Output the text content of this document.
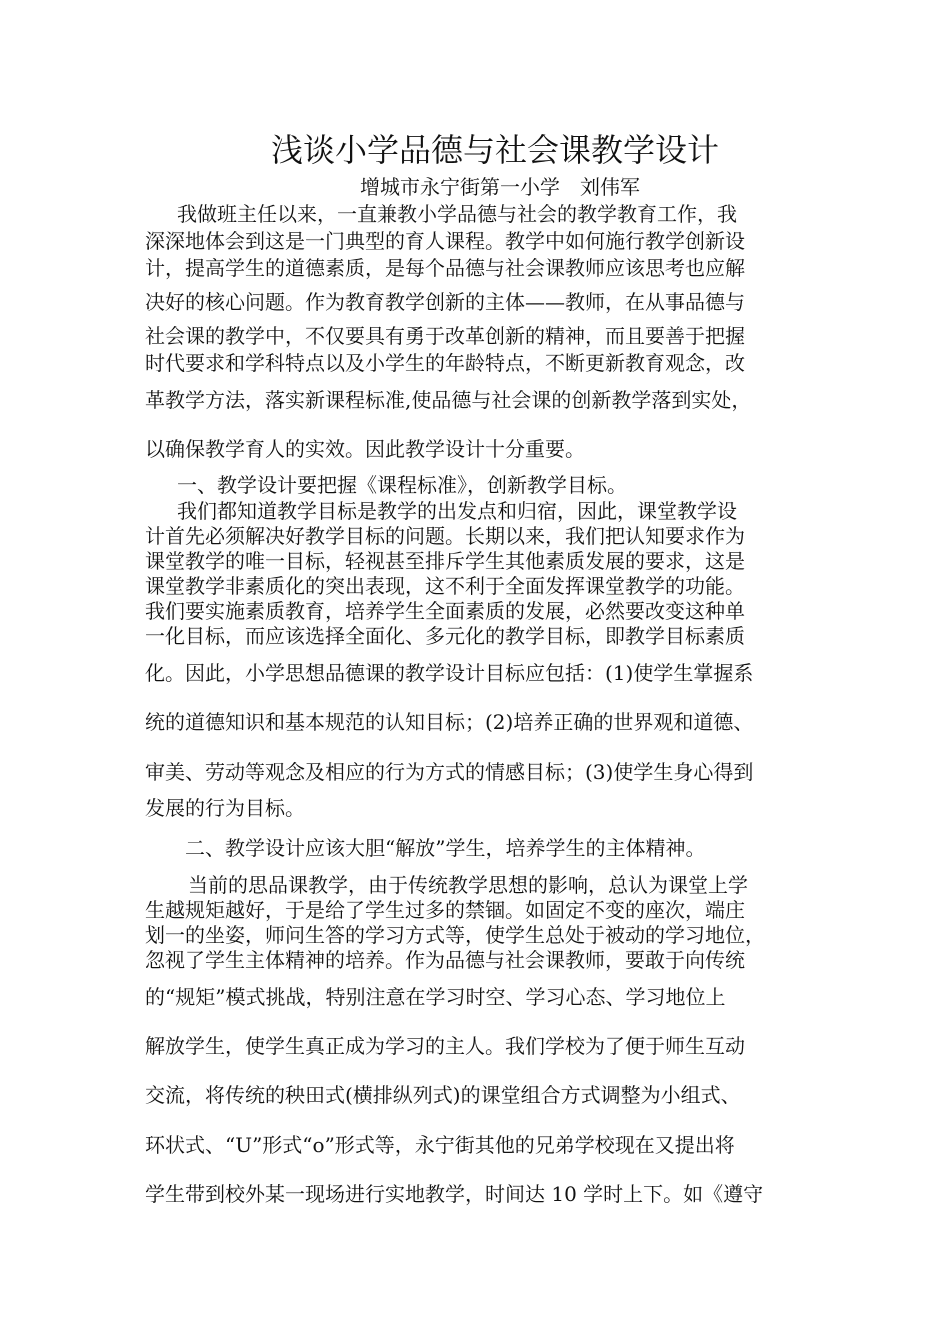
浅谈小学品德与社会课教学设计
增城市永宁街第一小学　刘伟军
我做班主任以来，一直兼教小学品德与社会的教学教育工作，我
深深地体会到这是一门典型的育人课程。教学中如何施行教学创新设
计，提高学生的道德素质，是每个品德与社会课教师应该思考也应解
决好的核心问题。作为教育教学创新的主体——教师，在从事品德与
社会课的教学中，不仅要具有勇于改革创新的精神，而且要善于把握
时代要求和学科特点以及小学生的年龄特点，不断更新教育观念，改
革教学方法，落实新课程标准,使品德与社会课的创新教学落到实处，
以确保教学育人的实效。因此教学设计十分重要。
一、教学设计要把握《课程标准》，创新教学目标。
我们都知道教学目标是教学的出发点和归宿，因此，课堂教学设
计首先必须解决好教学目标的问题。长期以来，我们把认知要求作为
课堂教学的唯一目标，轻视甚至排斥学生其他素质发展的要求，这是
课堂教学非素质化的突出表现，这不利于全面发挥课堂教学的功能。
我们要实施素质教育，培养学生全面素质的发展，必然要改变这种单
一化目标，而应该选择全面化、多元化的教学目标，即教学目标素质
化。因此，小学思想品德课的教学设计目标应包括：(1)使学生掌握系
统的道德知识和基本规范的认知目标；(2)培养正确的世界观和道德、
审美、劳动等观念及相应的行为方式的情感目标；(3)使学生身心得到
发展的行为目标。
二、教学设计应该大胆“解放”学生，培养学生的主体精神。
当前的思品课教学，由于传统教学思想的影响，总认为课堂上学
生越规矩越好，于是给了学生过多的禁锢。如固定不变的座次，端庄
划一的坐姿，师问生答的学习方式等，使学生总处于被动的学习地位，
忽视了学生主体精神的培养。作为品德与社会课教师，要敢于向传统
的“规矩”模式挑战，特别注意在学习时空、学习心态、学习地位上
解放学生，使学生真正成为学习的主人。我们学校为了便于师生互动
交流，将传统的秧田式(横排纵列式)的课堂组合方式调整为小组式、
环状式、“U”形式“o”形式等，永宁街其他的兄弟学校现在又提出将
学生带到校外某一现场进行实地教学，时间达 10 学时上下。如《遵守
